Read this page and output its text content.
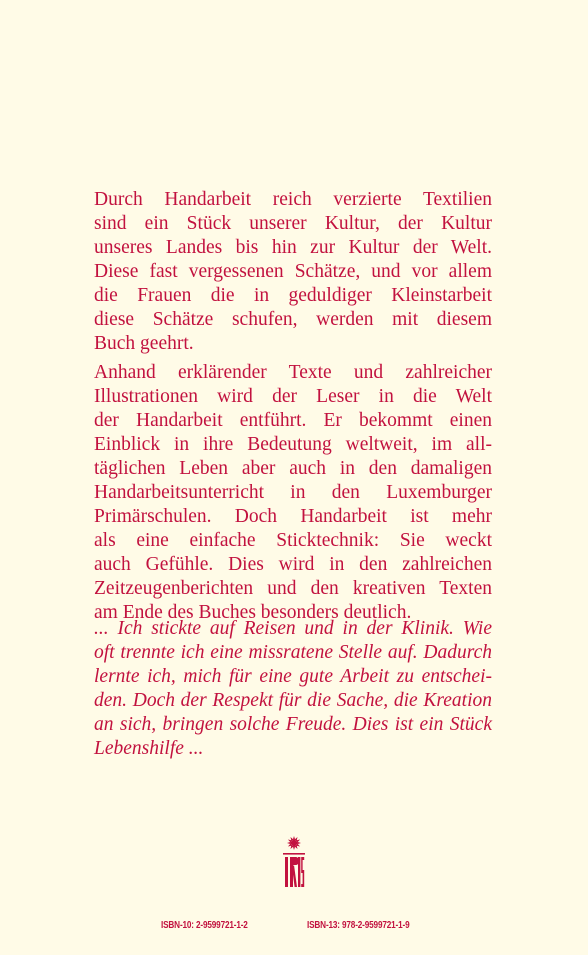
Durch Handarbeit reich verzierte Textilien
sind ein Stück unserer Kultur, der Kultur
unseres Landes bis hin zur Kultur der Welt.
Diese fast vergessenen Schätze, und vor allem
die Frauen die in geduldiger Kleinstarbeit
diese Schätze schufen, werden mit diesem
Buch geehrt.
Anhand erklärender Texte und zahlreicher
Illustrationen wird der Leser in die Welt
der Handarbeit entführt. Er bekommt einen
Einblick in ihre Bedeutung weltweit, im all-
täglichen Leben aber auch in den damaligen
Handarbeitsunterricht in den Luxemburger
Primärschulen. Doch Handarbeit ist mehr
als eine einfache Sticktechnik: Sie weckt
auch Gefühle. Dies wird in den zahlreichen
Zeitzeugenberichten und den kreativen Texten
am Ende des Buches besonders deutlich.
... Ich stickte auf Reisen und in der Klinik. Wie
oft trennte ich eine missratene Stelle auf. Dadurch
lernte ich, mich für eine gute Arbeit zu entschei-
den. Doch der Respekt für die Sache, die Kreation
an sich, bringen solche Freude. Dies ist ein Stück
Lebenshilfe ...
ISBN-10: 2-9599721-1-2	ISBN-13: 978-2-9599721-1-9
